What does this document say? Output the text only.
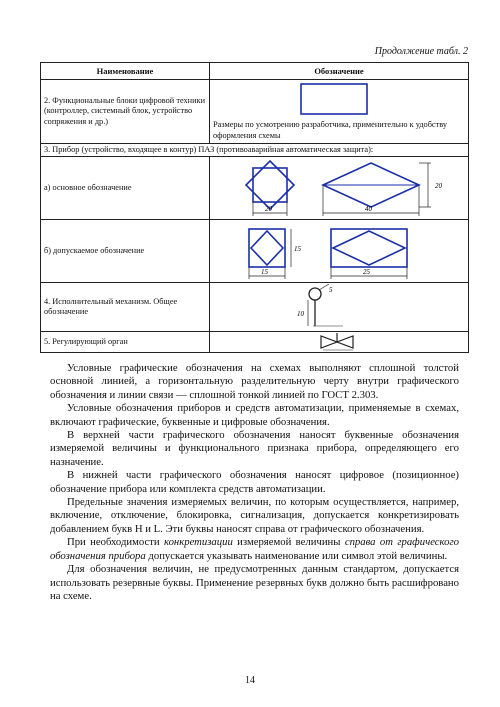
Продолжение табл. 2
Наименование	Обозначение
2. Функциональные блоки цифровой техники (контроллер, системный блок, устройство сопряжения и др.)	Размеры по усмотрению разработчика, применительно к удобству оформления схемы

3. Прибор (устройство, входящее в контур) ПАЗ (противоаварийная автоматическая защита):	
а) основное обозначение	20
20 40

б) допускаемое обозначение	15
15 25

4. Исполнительный механизм. Общее обозначение	5
10

5. Регулирующий орган	

Условные графические обозначения на схемах выполняют сплошной толстой основной линией, а горизонтальную разделительную черту внутри графического обозначения и линии связи — сплошной тонкой линией по ГОСТ 2.303.

Условные обозначения приборов и средств автоматизации, применяемые в схемах, включают графические, буквенные и цифровые обозначения.

В верхней части графического обозначения наносят буквенные обозначения измеряемой величины и функционального признака прибора, определяющего его назначение.

В нижней части графического обозначения наносят цифровое (позиционное) обозначение прибора или комплекта средств автоматизации.

Предельные значения измеряемых величин, по которым осуществляется, например, включение, отключение, блокировка, сигнализация, допускается конкретизировать добавлением букв H и L. Эти буквы наносят справа от графического обозначения.

При необходимости конкретизации измеряемой величины справа от графического обозначения прибора допускается указывать наименование или символ этой величины.

Для обозначения величин, не предусмотренных данным стандартом, допускается использовать резервные буквы. Применение резервных букв должно быть расшифровано на схеме.

14
